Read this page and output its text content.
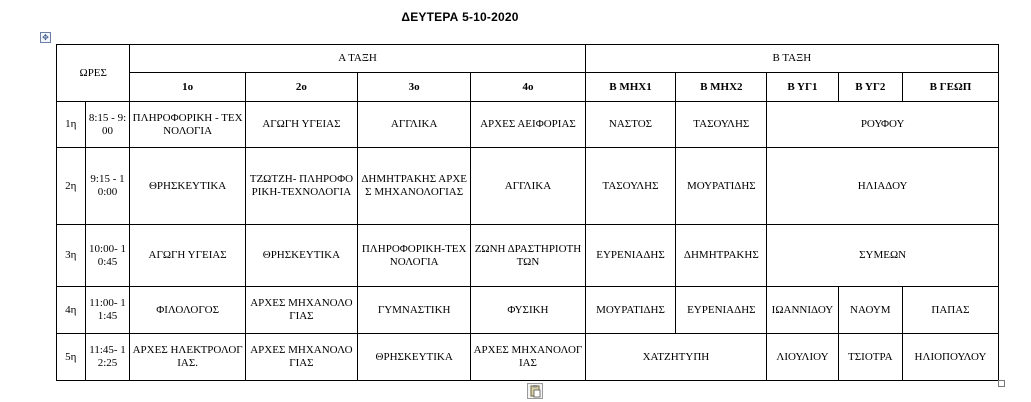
ΔΕΥΤΕΡΑ 5-10-2020
✥
ΩΡΕΣ		Α ΤΑΞΗ				Β ΤΑΞΗ				
		1ο	2ο	3ο	4ο	Β ΜΗΧ1	Β ΜΗΧ2	Β ΥΓ1	Β ΥΓ2	Β ΓΕΩΠ
1η	8:15 - 9:00	ΠΛΗΡΟΦΟΡΙΚΗ - ΤΕΧΝΟΛΟΓΙΑ	ΑΓΩΓΗ ΥΓΕΙΑΣ	ΑΓΓΛΙΚΑ	ΑΡΧΕΣ ΑΕΙΦΟΡΙΑΣ	ΝΑΣΤΟΣ	ΤΑΣΟΥΛΗΣ	ΡΟΥΦΟΥ		
2η	9:15 - 10:00	ΘΡΗΣΚΕΥΤΙΚΑ	ΤΖΩΤΖΗ- ΠΛΗΡΟΦΟΡΙΚΗ-ΤΕΧΝΟΛΟΓΙΑ	ΔΗΜΗΤΡΑΚΗΣ ΑΡΧΕΣ ΜΗΧΑΝΟΛΟΓΙΑΣ	ΑΓΓΛΙΚΑ	ΤΑΣΟΥΛΗΣ	ΜΟΥΡΑΤΙΔΗΣ	ΗΛΙΑΔΟΥ		
3η	10:00- 10:45	ΑΓΩΓΗ ΥΓΕΙΑΣ	ΘΡΗΣΚΕΥΤΙΚΑ	ΠΛΗΡΟΦΟΡΙΚΗ-ΤΕΧΝΟΛΟΓΙΑ	ΖΩΝΗ ΔΡΑΣΤΗΡΙΟΤΗΤΩΝ	ΕΥΡΕΝΙΑΔΗΣ	ΔΗΜΗΤΡΑΚΗΣ	ΣΥΜΕΩΝ		
4η	11:00- 11:45	ΦΙΛΟΛΟΓΟΣ	ΑΡΧΕΣ ΜΗΧΑΝΟΛΟΓΙΑΣ	ΓΥΜΝΑΣΤΙΚΗ	ΦΥΣΙΚΗ	ΜΟΥΡΑΤΙΔΗΣ	ΕΥΡΕΝΙΑΔΗΣ	ΙΩΑΝΝΙΔΟΥ	ΝΑΟΥΜ	ΠΑΠΑΣ
5η	11:45- 12:25	ΑΡΧΕΣ ΗΛΕΚΤΡΟΛΟΓΙΑΣ.	ΑΡΧΕΣ ΜΗΧΑΝΟΛΟΓΙΑΣ	ΘΡΗΣΚΕΥΤΙΚΑ	ΑΡΧΕΣ ΜΗΧΑΝΟΛΟΓΙΑΣ	ΧΑΤΖΗΤΥΠΗ		ΛΙΟΥΛΙΟΥ	ΤΣΙΟΤΡΑ	ΗΛΙΟΠΟΥΛΟΥ
